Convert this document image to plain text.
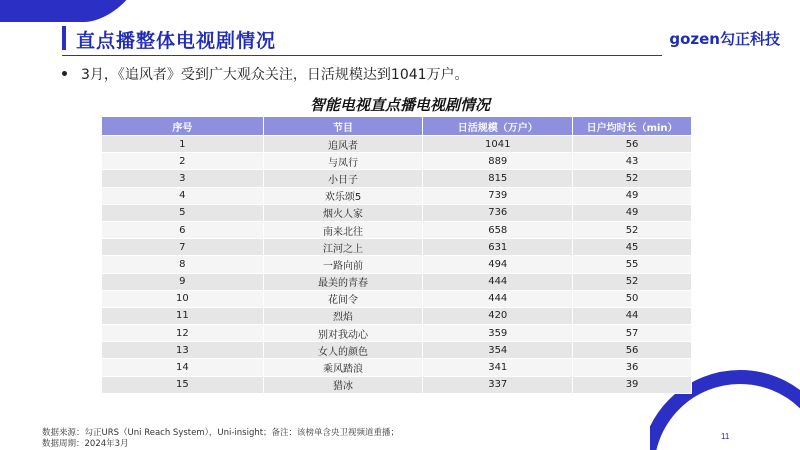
直点播整体电视剧情况	gozen勾正科技
3月，《追风者》受到广大观众关注，日活规模达到1041万户。
智能电视直点播电视剧情况
序号	节目	日活规模（万户）	日户均时长（min）
1	追风者	1041	56
2	与凤行	889	43
3	小日子	815	52
4	欢乐颂5	739	49
5	烟火人家	736	49
6	南来北往	658	52
7	江河之上	631	45
8	一路向前	494	55
9	最美的青春	444	52
10	花间令	444	50
11	烈焰	420	44
12	别对我动心	359	57
13	女人的颜色	354	56
14	乘风踏浪	341	36
15	猎冰	337	39
数据来源：勾正URS（Uni Reach System），Uni-insight；备注：该榜单含央卫视频道重播；
数据周期：2024年3月
11
